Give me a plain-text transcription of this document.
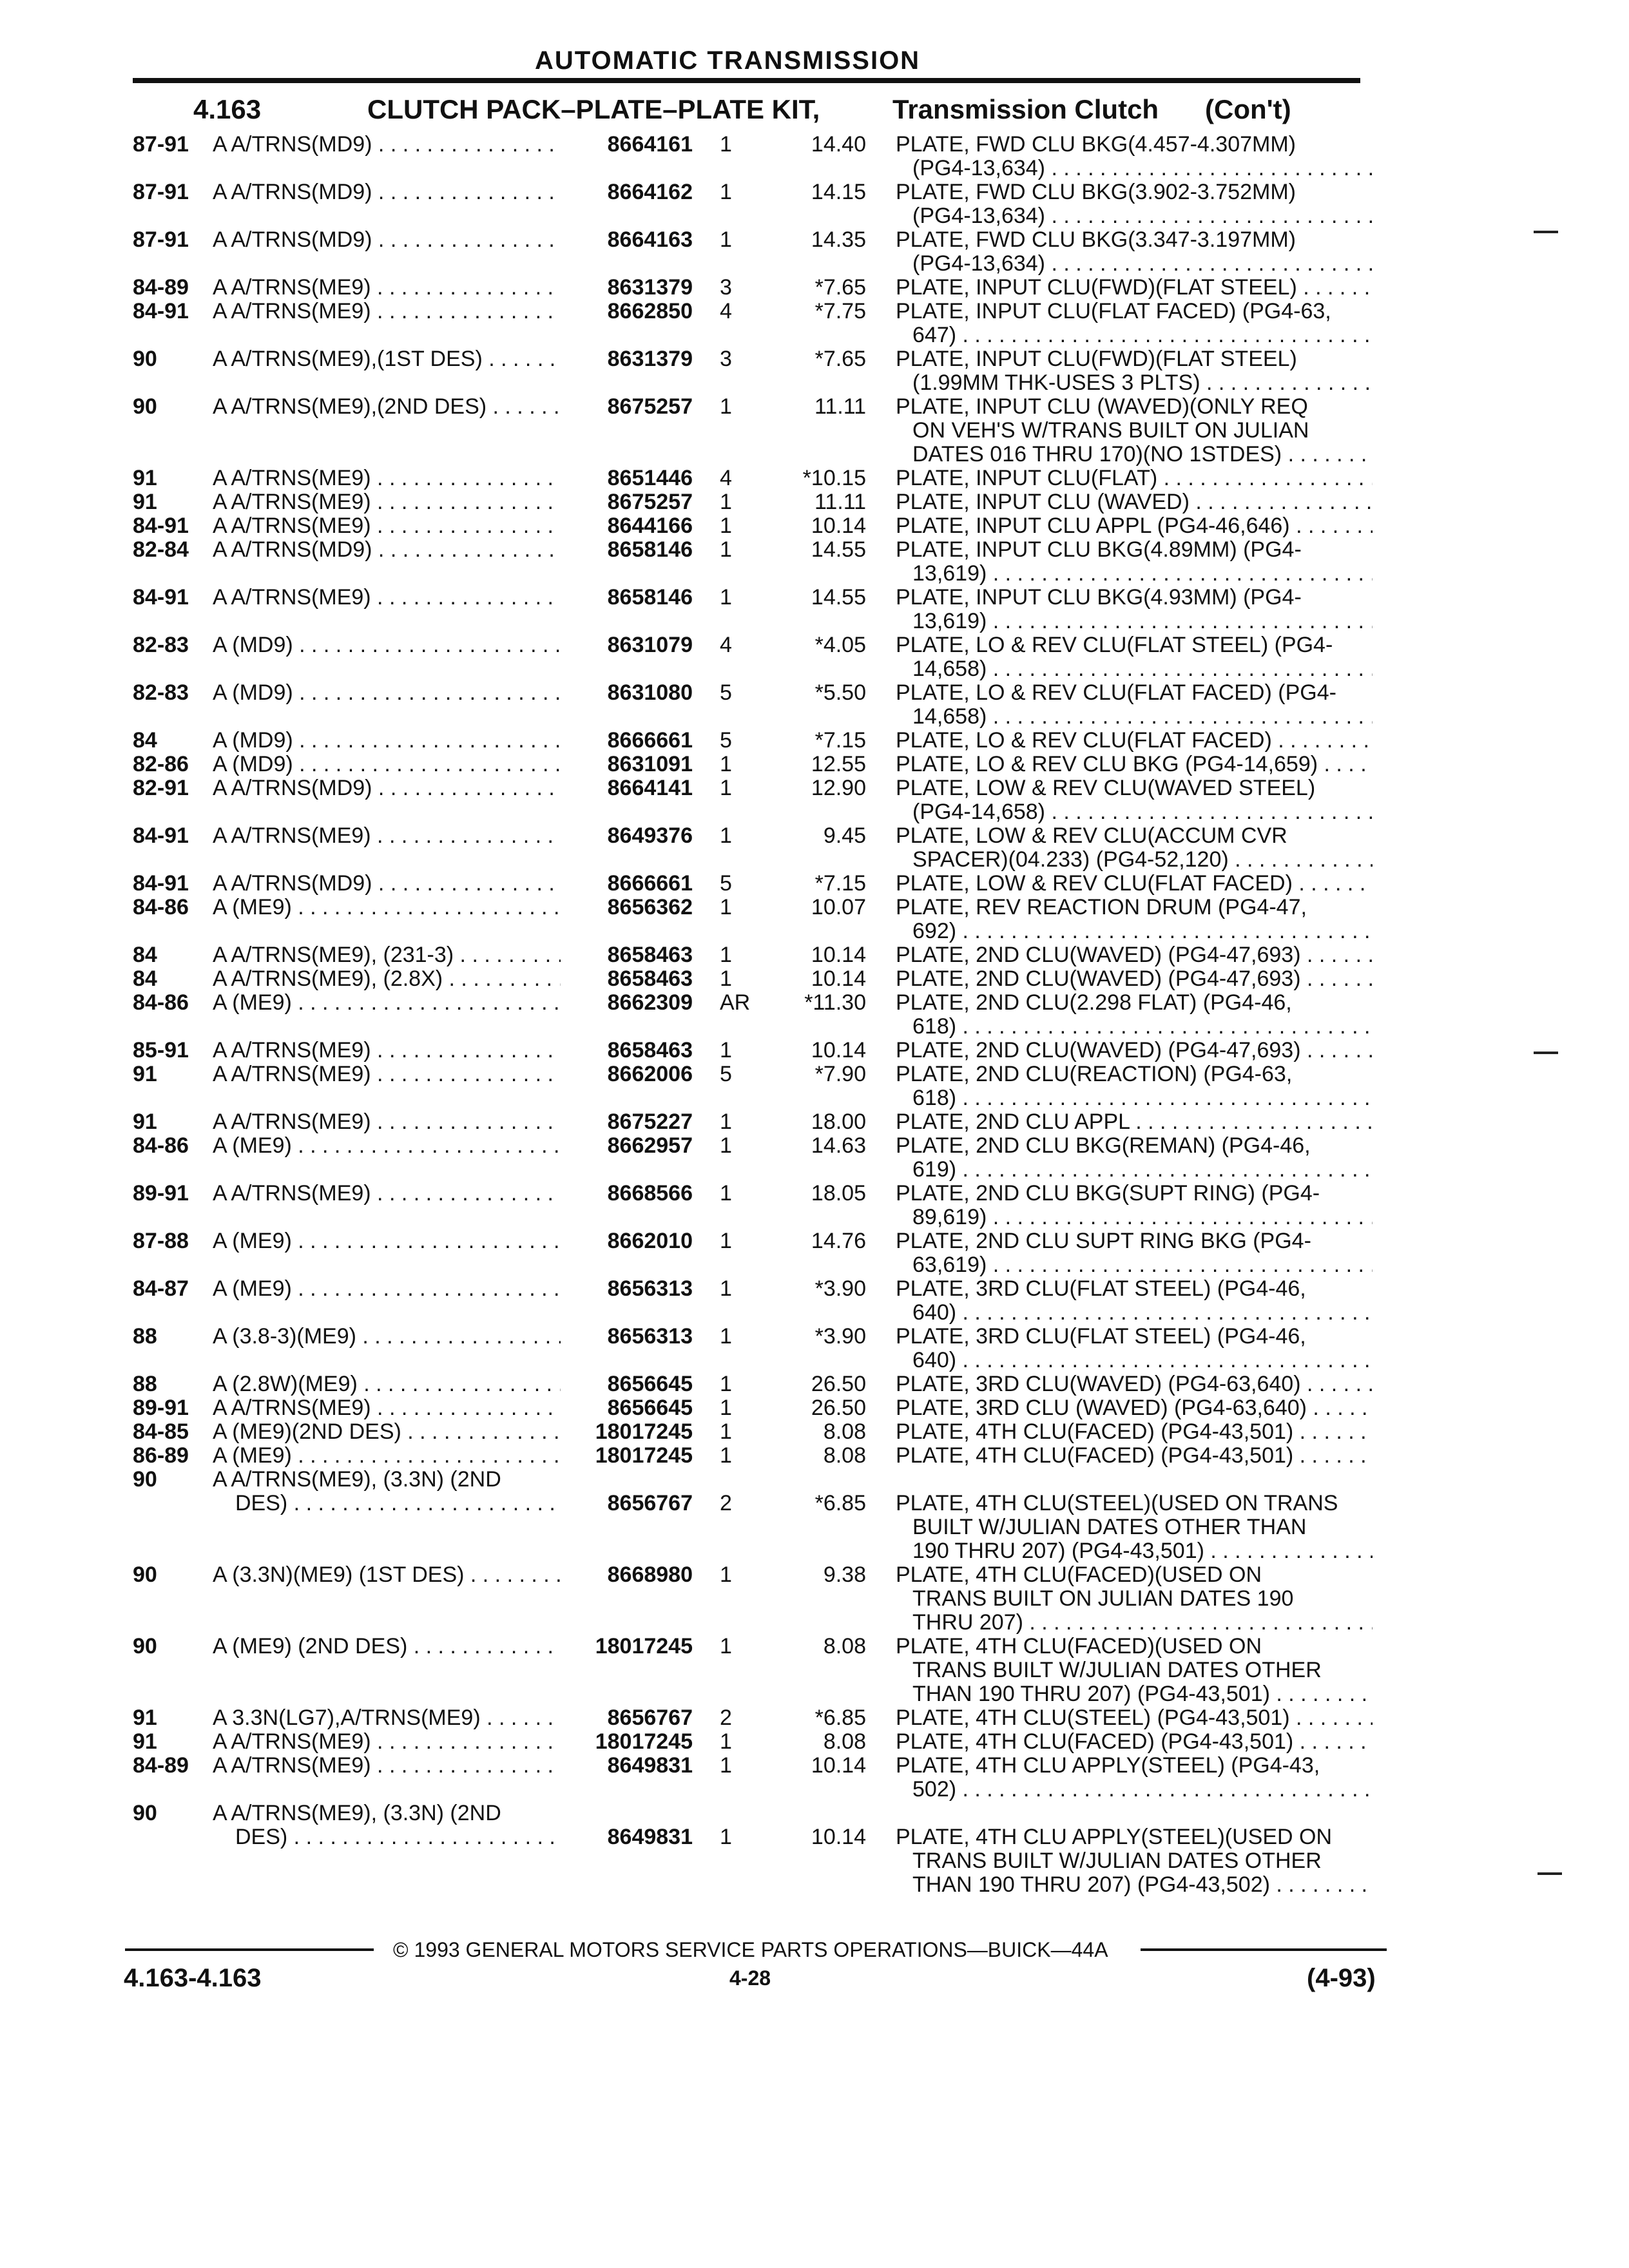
AUTOMATIC TRANSMISSION
4.163	CLUTCH PACK–PLATE–PLATE KIT,	Transmission Clutch (Con't)
87-91 A A/TRNS(MD9) . . .	8664161 1	14.40 PLATE, FWD CLU BKG(4.457-4.307MM)
(PG4-13,634) . . .
87-91 A A/TRNS(MD9) . . .	8664162 1	14.15 PLATE, FWD CLU BKG(3.902-3.752MM)
(PG4-13,634) . . .
87-91 A A/TRNS(MD9) . . .	8664163 1	14.35 PLATE, FWD CLU BKG(3.347-3.197MM)
(PG4-13,634) . . .
84-89 A A/TRNS(ME9) . . .	8631379 3	*7.65 PLATE, INPUT CLU(FWD)(FLAT STEEL) . . .
84-91 A A/TRNS(ME9) . . .	8662850 4	*7.75 PLATE, INPUT CLU(FLAT FACED) (PG4-63,
647) . . .
90	A A/TRNS(ME9),(1ST DES) . . .	8631379 3	*7.65 PLATE, INPUT CLU(FWD)(FLAT STEEL)
(1.99MM THK-USES 3 PLTS) . . .
90	A A/TRNS(ME9),(2ND DES) . . .	8675257 1	11.11 PLATE, INPUT CLU (WAVED)(ONLY REQ
ON VEH'S W/TRANS BUILT ON JULIAN
DATES 016 THRU 170)(NO 1STDES) . . .
91	A A/TRNS(ME9) . . .	8651446 4	*10.15 PLATE, INPUT CLU(FLAT) . . .
91	A A/TRNS(ME9) . . .	8675257 1	11.11 PLATE, INPUT CLU (WAVED) . . .
84-91 A A/TRNS(ME9) . . .	8644166 1	10.14 PLATE, INPUT CLU APPL (PG4-46,646) . . .
82-84 A A/TRNS(MD9) . . .	8658146 1	14.55 PLATE, INPUT CLU BKG(4.89MM) (PG4-
13,619) . . .
84-91 A A/TRNS(ME9) . . .	8658146 1	14.55 PLATE, INPUT CLU BKG(4.93MM) (PG4-
13,619) . . .
82-83 A (MD9) . . .	8631079 4	*4.05 PLATE, LO & REV CLU(FLAT STEEL) (PG4-
14,658) . . .
82-83 A (MD9) . . .	8631080 5	*5.50 PLATE, LO & REV CLU(FLAT FACED) (PG4-
14,658) . . .
84	A (MD9) . . .	8666661 5	*7.15 PLATE, LO & REV CLU(FLAT FACED) . . .
82-86 A (MD9) . . .	8631091 1	12.55 PLATE, LO & REV CLU BKG (PG4-14,659) . . .
82-91 A A/TRNS(MD9) . . .	8664141 1	12.90 PLATE, LOW & REV CLU(WAVED STEEL)
(PG4-14,658) . . .
84-91 A A/TRNS(ME9) . . .	8649376 1	9.45 PLATE, LOW & REV CLU(ACCUM CVR
SPACER)(04.233) (PG4-52,120) . . .
84-91 A A/TRNS(MD9) . . .	8666661 5	*7.15 PLATE, LOW & REV CLU(FLAT FACED) . . .
84-86 A (ME9) . . .	8656362 1	10.07 PLATE, REV REACTION DRUM (PG4-47,
692) . . .
84	A A/TRNS(ME9), (231-3) . . .	8658463 1	10.14 PLATE, 2ND CLU(WAVED) (PG4-47,693) . . .
84	A A/TRNS(ME9), (2.8X) . . .	8658463 1	10.14 PLATE, 2ND CLU(WAVED) (PG4-47,693) . . .
84-86 A (ME9) . . .	8662309 AR	*11.30 PLATE, 2ND CLU(2.298 FLAT) (PG4-46,
618) . . .
85-91 A A/TRNS(ME9) . . .	8658463 1	10.14 PLATE, 2ND CLU(WAVED) (PG4-47,693) . . .
91	A A/TRNS(ME9) . . .	8662006 5	*7.90 PLATE, 2ND CLU(REACTION) (PG4-63,
618) . . .
91	A A/TRNS(ME9) . . .	8675227 1	18.00 PLATE, 2ND CLU APPL . . .
84-86 A (ME9) . . .	8662957 1	14.63 PLATE, 2ND CLU BKG(REMAN) (PG4-46,
619) . . .
89-91 A A/TRNS(ME9) . . .	8668566 1	18.05 PLATE, 2ND CLU BKG(SUPT RING) (PG4-
89,619) . . .
87-88 A (ME9) . . .	8662010 1	14.76 PLATE, 2ND CLU SUPT RING BKG (PG4-
63,619) . . .
84-87 A (ME9) . . .	8656313 1	*3.90 PLATE, 3RD CLU(FLAT STEEL) (PG4-46,
640) . . .
88	A (3.8-3)(ME9) . . .	8656313 1	*3.90 PLATE, 3RD CLU(FLAT STEEL) (PG4-46,
640) . . .
88	A (2.8W)(ME9) . . .	8656645 1	26.50 PLATE, 3RD CLU(WAVED) (PG4-63,640) . . .
89-91 A A/TRNS(ME9) . . .	8656645 1	26.50 PLATE, 3RD CLU (WAVED) (PG4-63,640) . . .
84-85 A (ME9)(2ND DES) . . .	18017245 1	8.08 PLATE, 4TH CLU(FACED) (PG4-43,501) . . .
86-89 A (ME9) . . .	18017245 1	8.08 PLATE, 4TH CLU(FACED) (PG4-43,501) . . .
90	A A/TRNS(ME9), (3.3N) (2ND
DES) . . .	8656767 2	*6.85 PLATE, 4TH CLU(STEEL)(USED ON TRANS
BUILT W/JULIAN DATES OTHER THAN
190 THRU 207) (PG4-43,501) . . .
90	A (3.3N)(ME9) (1ST DES) . . .	8668980 1	9.38 PLATE, 4TH CLU(FACED)(USED ON
TRANS BUILT ON JULIAN DATES 190
THRU 207) . . .
90	A (ME9) (2ND DES) . . .	18017245 1	8.08 PLATE, 4TH CLU(FACED)(USED ON
TRANS BUILT W/JULIAN DATES OTHER
THAN 190 THRU 207) (PG4-43,501) . . .
91	A 3.3N(LG7),A/TRNS(ME9) . . .	8656767 2	*6.85 PLATE, 4TH CLU(STEEL) (PG4-43,501) . . .
91	A A/TRNS(ME9) . . .	18017245 1	8.08 PLATE, 4TH CLU(FACED) (PG4-43,501) . . .
84-89 A A/TRNS(ME9) . . .	8649831 1	10.14 PLATE, 4TH CLU APPLY(STEEL) (PG4-43,
502) . . .
90	A A/TRNS(ME9), (3.3N) (2ND
DES) . . .	8649831 1	10.14 PLATE, 4TH CLU APPLY(STEEL)(USED ON
TRANS BUILT W/JULIAN DATES OTHER
THAN 190 THRU 207) (PG4-43,502) . . .
© 1993 GENERAL MOTORS SERVICE PARTS OPERATIONS—BUICK—44A
4.163-4.163	4-28	(4-93)
